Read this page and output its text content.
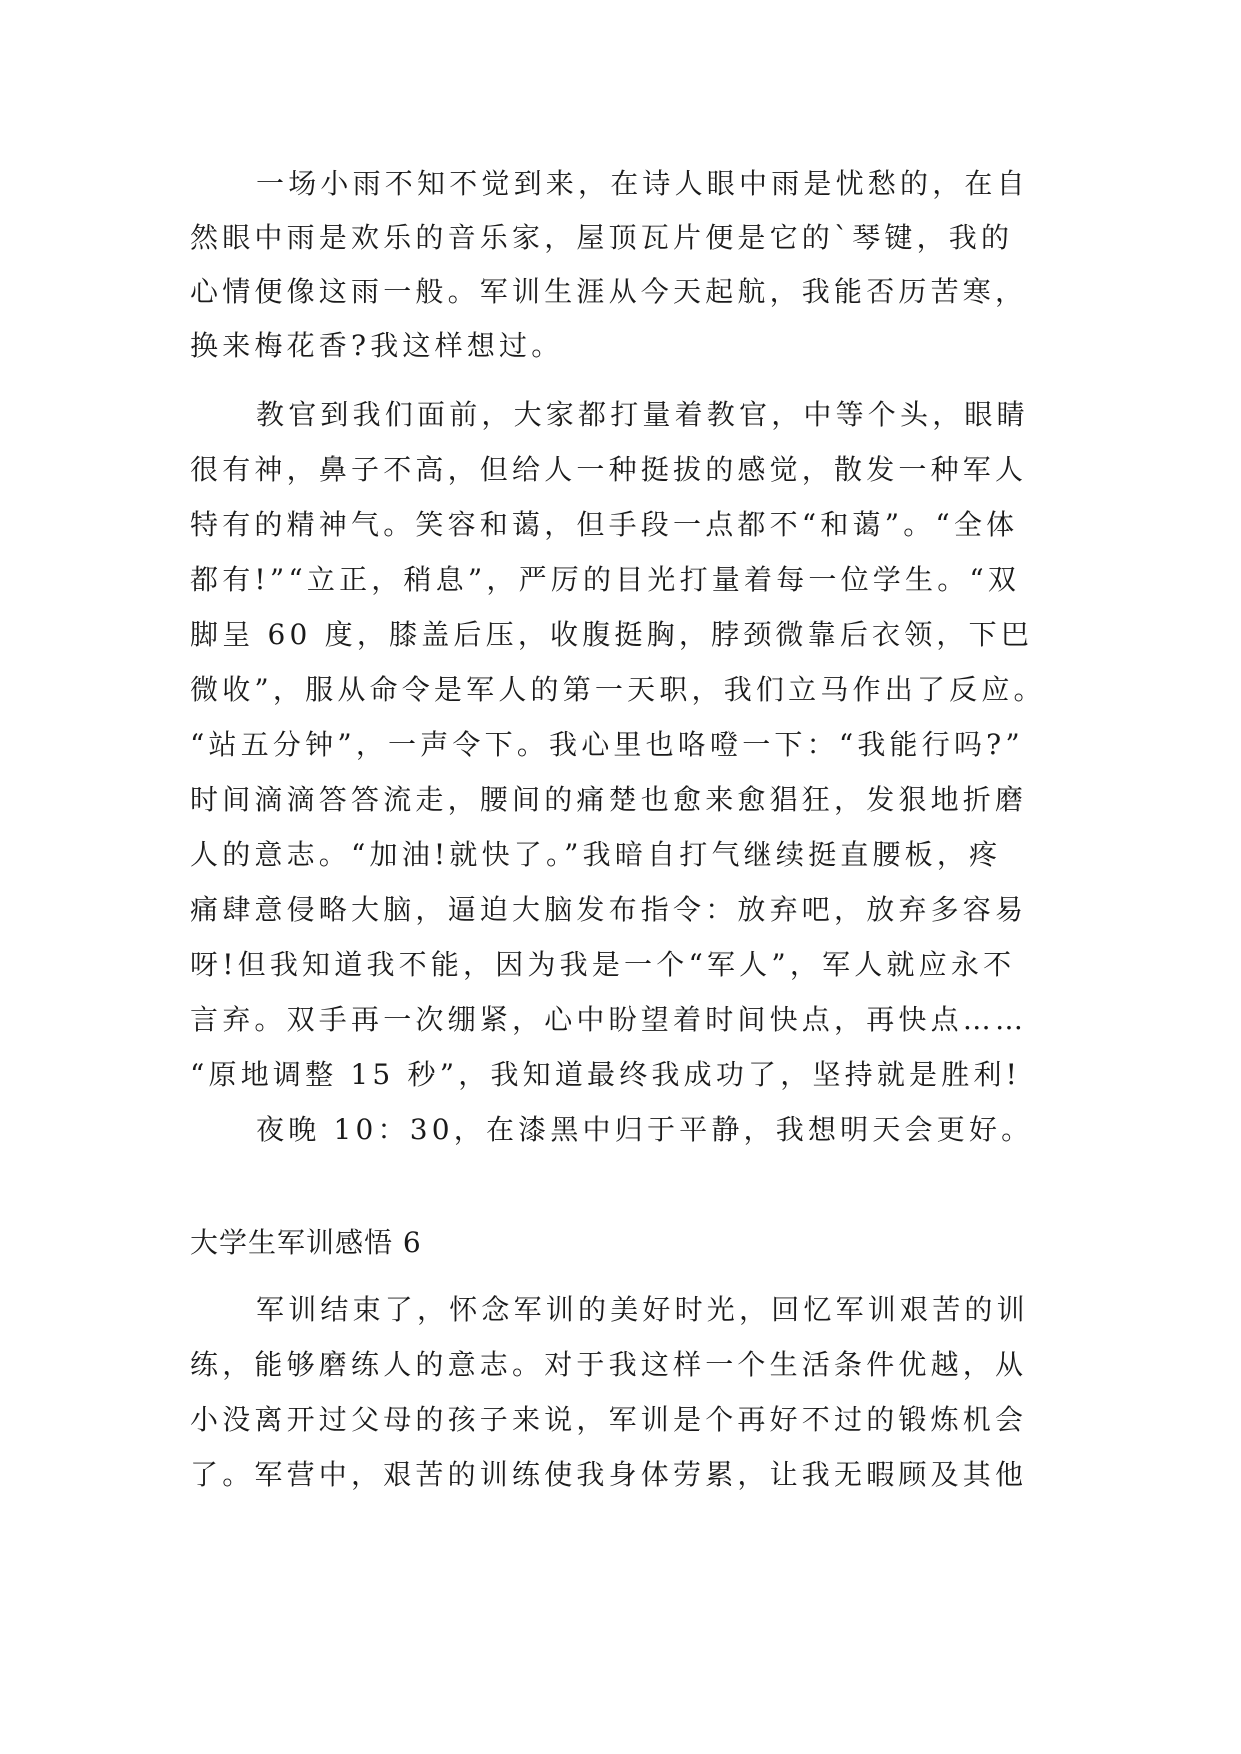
一场小雨不知不觉到来，在诗人眼中雨是忧愁的，在自
然眼中雨是欢乐的音乐家，屋顶瓦片便是它的`琴键，我的
心情便像这雨一般。军训生涯从今天起航，我能否历苦寒，
换来梅花香?我这样想过。
教官到我们面前，大家都打量着教官，中等个头，眼睛
很有神，鼻子不高，但给人一种挺拔的感觉，散发一种军人
特有的精神气。笑容和蔼，但手段一点都不“和蔼”。“全体
都有!”“立正，稍息”，严厉的目光打量着每一位学生。“双
脚呈 60 度，膝盖后压，收腹挺胸，脖颈微靠后衣领，下巴
微收”，服从命令是军人的第一天职，我们立马作出了反应。
“站五分钟”，一声令下。我心里也咯噔一下：“我能行吗?”
时间滴滴答答流走，腰间的痛楚也愈来愈猖狂，发狠地折磨
人的意志。“加油!就快了。”我暗自打气继续挺直腰板，疼
痛肆意侵略大脑，逼迫大脑发布指令：放弃吧，放弃多容易
呀!但我知道我不能，因为我是一个“军人”，军人就应永不
言弃。双手再一次绷紧，心中盼望着时间快点，再快点……
“原地调整 15 秒”，我知道最终我成功了，坚持就是胜利!
夜晚 10：30，在漆黑中归于平静，我想明天会更好。
大学生军训感悟 6
军训结束了，怀念军训的美好时光，回忆军训艰苦的训
练，能够磨练人的意志。对于我这样一个生活条件优越，从
小没离开过父母的孩子来说，军训是个再好不过的锻炼机会
了。军营中，艰苦的训练使我身体劳累，让我无暇顾及其他
